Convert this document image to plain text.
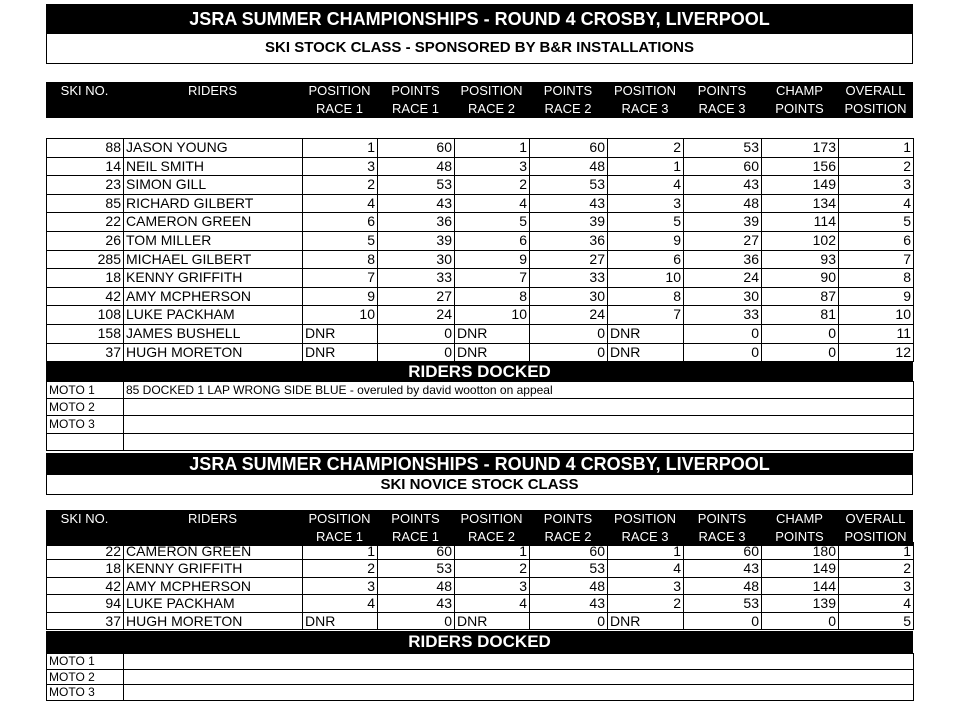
JSRA SUMMER CHAMPIONSHIPS - ROUND 4 CROSBY, LIVERPOOL
SKI STOCK CLASS - SPONSORED BY B&R INSTALLATIONS
SKI NO.	RIDERS	POSITION	POINTS	POSITION	POINTS	POSITION	POINTS	CHAMP	OVERALL
		RACE 1	RACE 1	RACE 2	RACE 2	RACE 3	RACE 3	POINTS	POSITION
88	JASON YOUNG	1	60	1	60	2	53	173	1
14	NEIL SMITH	3	48	3	48	1	60	156	2
23	SIMON GILL	2	53	2	53	4	43	149	3
85	RICHARD GILBERT	4	43	4	43	3	48	134	4
22	CAMERON GREEN	6	36	5	39	5	39	114	5
26	TOM MILLER	5	39	6	36	9	27	102	6
285	MICHAEL GILBERT	8	30	9	27	6	36	93	7
18	KENNY GRIFFITH	7	33	7	33	10	24	90	8
42	AMY MCPHERSON	9	27	8	30	8	30	87	9
108	LUKE PACKHAM	10	24	10	24	7	33	81	10
158	JAMES BUSHELL	DNR	0	DNR	0	DNR	0	0	11
37	HUGH MORETON	DNR	0	DNR	0	DNR	0	0	12
RIDERS DOCKED
MOTO 1	85 DOCKED 1 LAP WRONG SIDE BLUE - overuled by david wootton on appeal
MOTO 2	
MOTO 3	

JSRA SUMMER CHAMPIONSHIPS - ROUND 4 CROSBY, LIVERPOOL
SKI NOVICE STOCK CLASS
SKI NO.	RIDERS	POSITION	POINTS	POSITION	POINTS	POSITION	POINTS	CHAMP	OVERALL
		RACE 1	RACE 1	RACE 2	RACE 2	RACE 3	RACE 3	POINTS	POSITION
22	CAMERON GREEN	1	60	1	60	1	60	180	1
18	KENNY GRIFFITH	2	53	2	53	4	43	149	2
42	AMY MCPHERSON	3	48	3	48	3	48	144	3
94	LUKE PACKHAM	4	43	4	43	2	53	139	4
37	HUGH MORETON	DNR	0	DNR	0	DNR	0	0	5
RIDERS DOCKED
MOTO 1	
MOTO 2	
MOTO 3	
